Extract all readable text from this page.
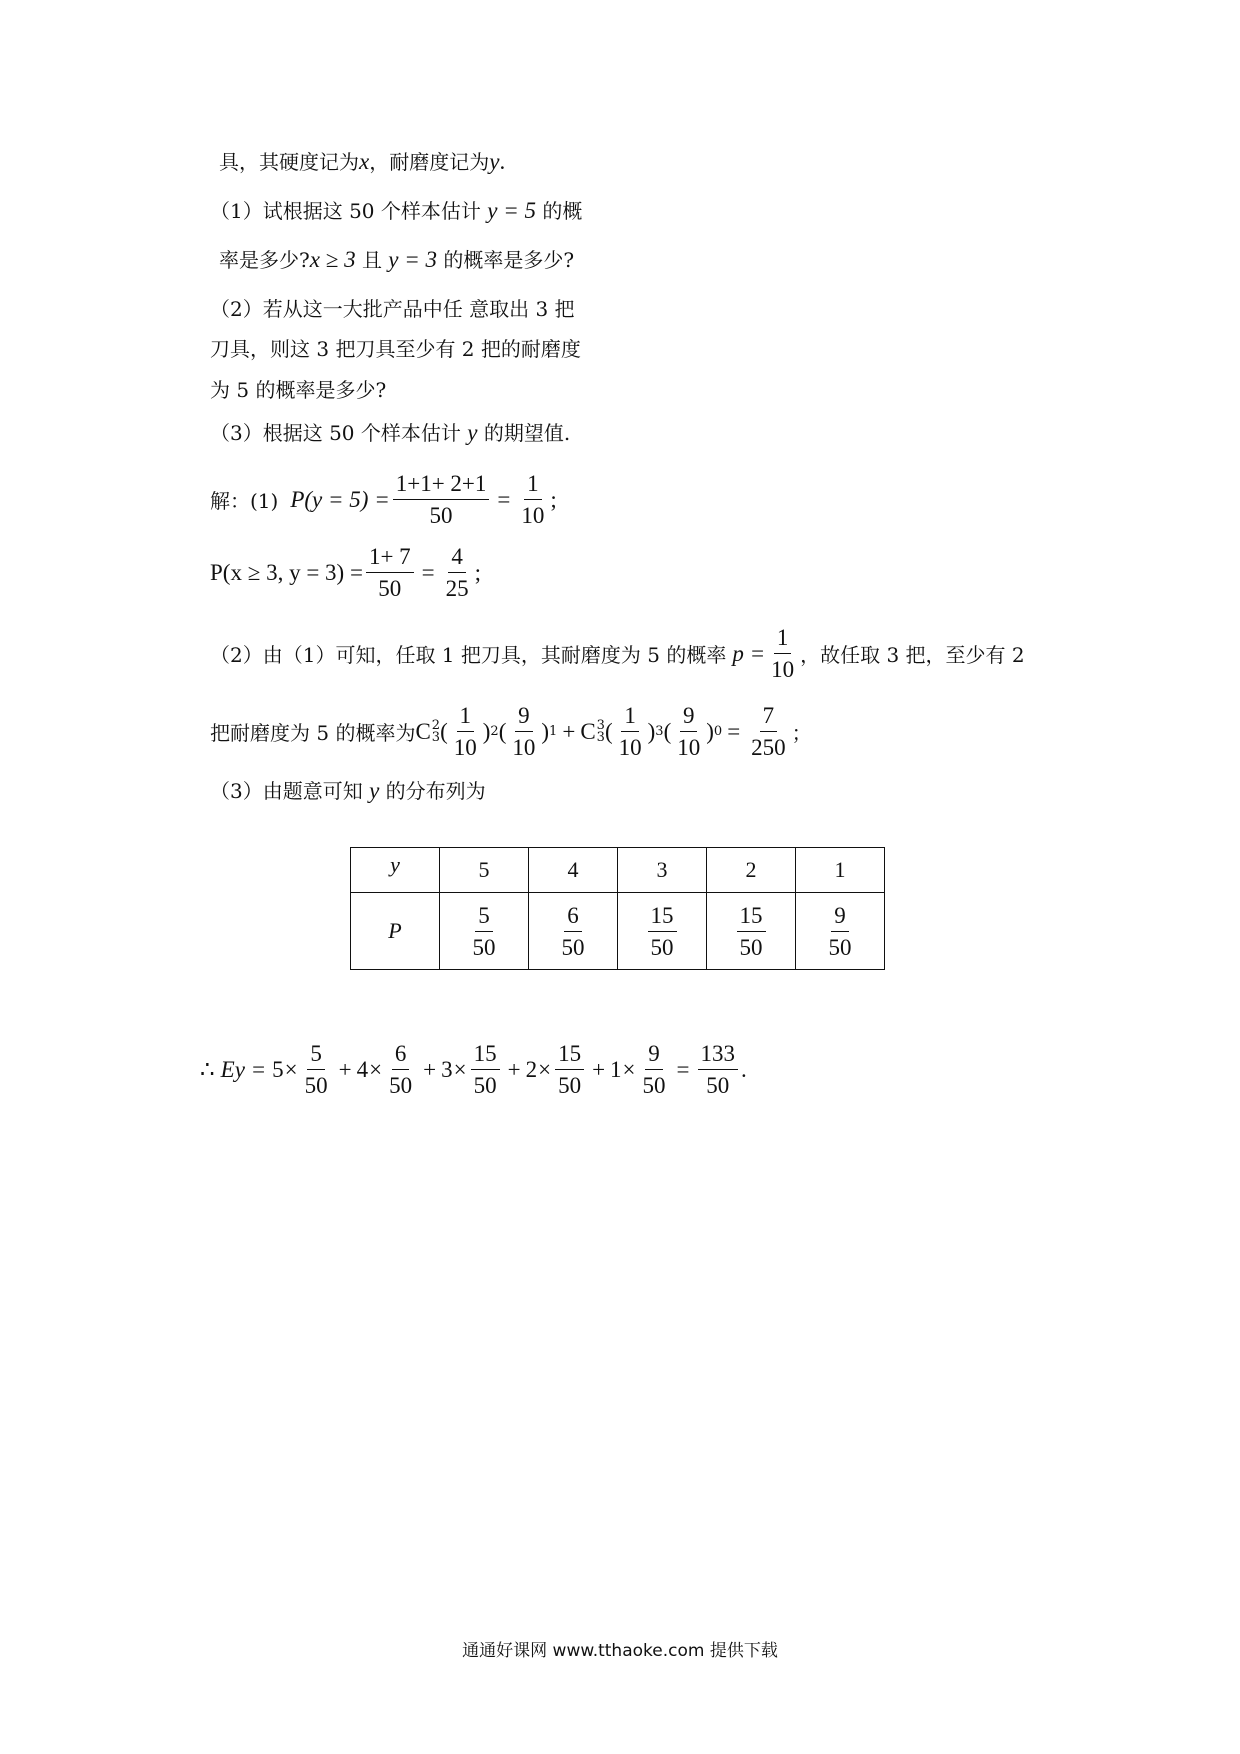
具，其硬度记为x，耐磨度记为y.
（1）试根据这 50 个样本估计 y = 5 的概
率是多少?x ≥ 3 且 y = 3 的概率是多少?
（2）若从这一大批产品中任 意取出 3 把
刀具，则这 3 把刀具至少有 2 把的耐磨度
为 5 的概率是多少?
（3）根据这 50 个样本估计 y 的期望值.
解：(1) $P(y = 5) = \frac{1+1+ 2+1}{50} = \frac{1}{10}$ ;
P(x ≥ 3, $y = 3) = \frac{1+ 7}{50} = \frac{4}{25}$ ;
（2）由（1）可知，任取 1 把刀具，其耐磨度为 5 的概率 $p = \frac{1}{10}$ ，故任取 3 把，至少有 2
把耐磨度为 5 的概率为 C 2
3 ( $\frac{1}{10}$ ) 2 ( $\frac{9}{10}$ ) 1 + C 3
3 ( $\frac{1}{10}$ ) 3 ( $\frac{9}{10}$ ) $0 = \frac{7}{250}$ ；
（3）由题意可知 y 的分布列为
y	5	4	3	2	1
P	$\frac{5}{50}$	$\frac{6}{50}$	$\frac{15}{50}$	$\frac{15}{50}$	$\frac{9}{50}$
∴ $Ey = 5 \times \frac{5}{50} + 4 \times \frac{6}{50} + 3 \times \frac{15}{50} + 2 \times \frac{15}{50} + 1 \times \frac{9}{50} = \frac{133}{50}$ .
通通好课网 www.tthaoke.com 提供下载
